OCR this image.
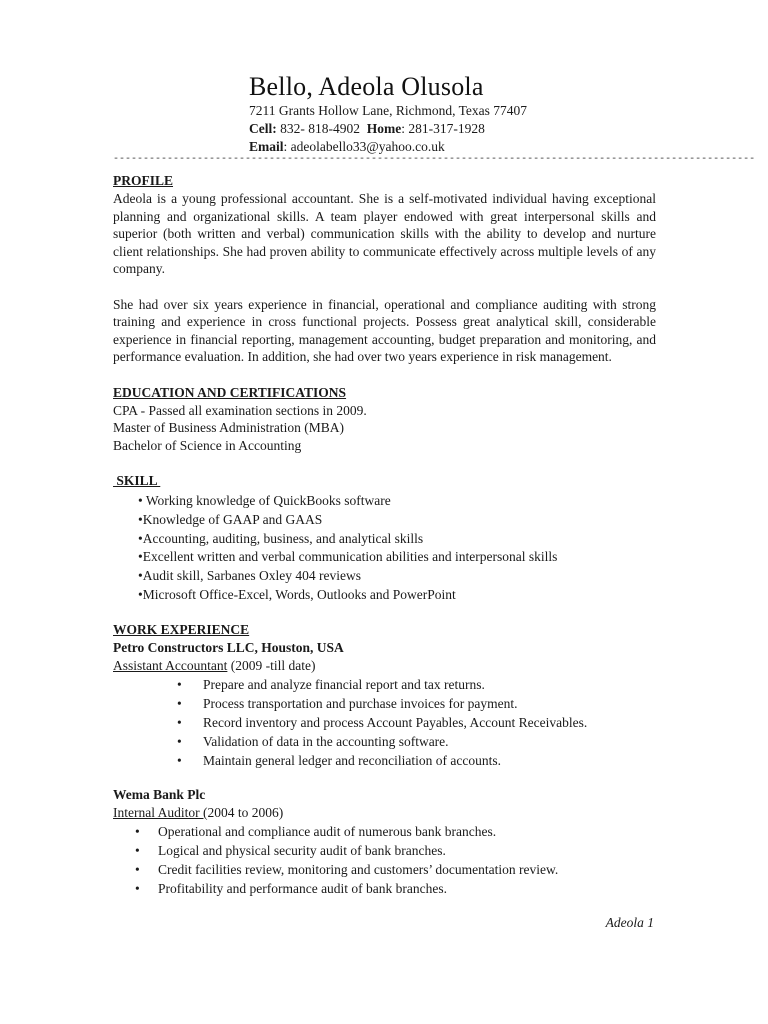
Bello, Adeola Olusola

7211 Grants Hollow Lane, Richmond, Texas 77407

Cell: 832- 818-4902 Home: 281-317-1928

Email: adeolabello33@yahoo.co.uk

-----------------------------------------------------------------------------------------------------------

PROFILE

Adeola is a young professional accountant. She is a self-motivated individual having exceptional planning and organizational skills. A team player endowed with great interpersonal skills and superior (both written and verbal) communication skills with the ability to develop and nurture client relationships. She had proven ability to communicate effectively across multiple levels of any company.

She had over six years experience in financial, operational and compliance auditing with strong training and experience in cross functional projects. Possess great analytical skill, considerable experience in financial reporting, management accounting, budget preparation and monitoring, and performance evaluation. In addition, she had over two years experience in risk management.

EDUCATION AND CERTIFICATIONS

CPA - Passed all examination sections in 2009.

Master of Business Administration (MBA)

Bachelor of Science in Accounting

SKILL

• Working knowledge of QuickBooks software
•Knowledge of GAAP and GAAS
•Accounting, auditing, business, and analytical skills
•Excellent written and verbal communication abilities and interpersonal skills
•Audit skill, Sarbanes Oxley 404 reviews
•Microsoft Office-Excel, Words, Outlooks and PowerPoint

WORK EXPERIENCE

Petro Constructors LLC, Houston, USA

Assistant Accountant (2009 -till date)

• Prepare and analyze financial report and tax returns.
• Process transportation and purchase invoices for payment.
• Record inventory and process Account Payables, Account Receivables.
• Validation of data in the accounting software.
• Maintain general ledger and reconciliation of accounts.

Wema Bank Plc

Internal Auditor (2004 to 2006)

• Operational and compliance audit of numerous bank branches.
• Logical and physical security audit of bank branches.
• Credit facilities review, monitoring and customers’ documentation review.
• Profitability and performance audit of bank branches.
Adeola 1
